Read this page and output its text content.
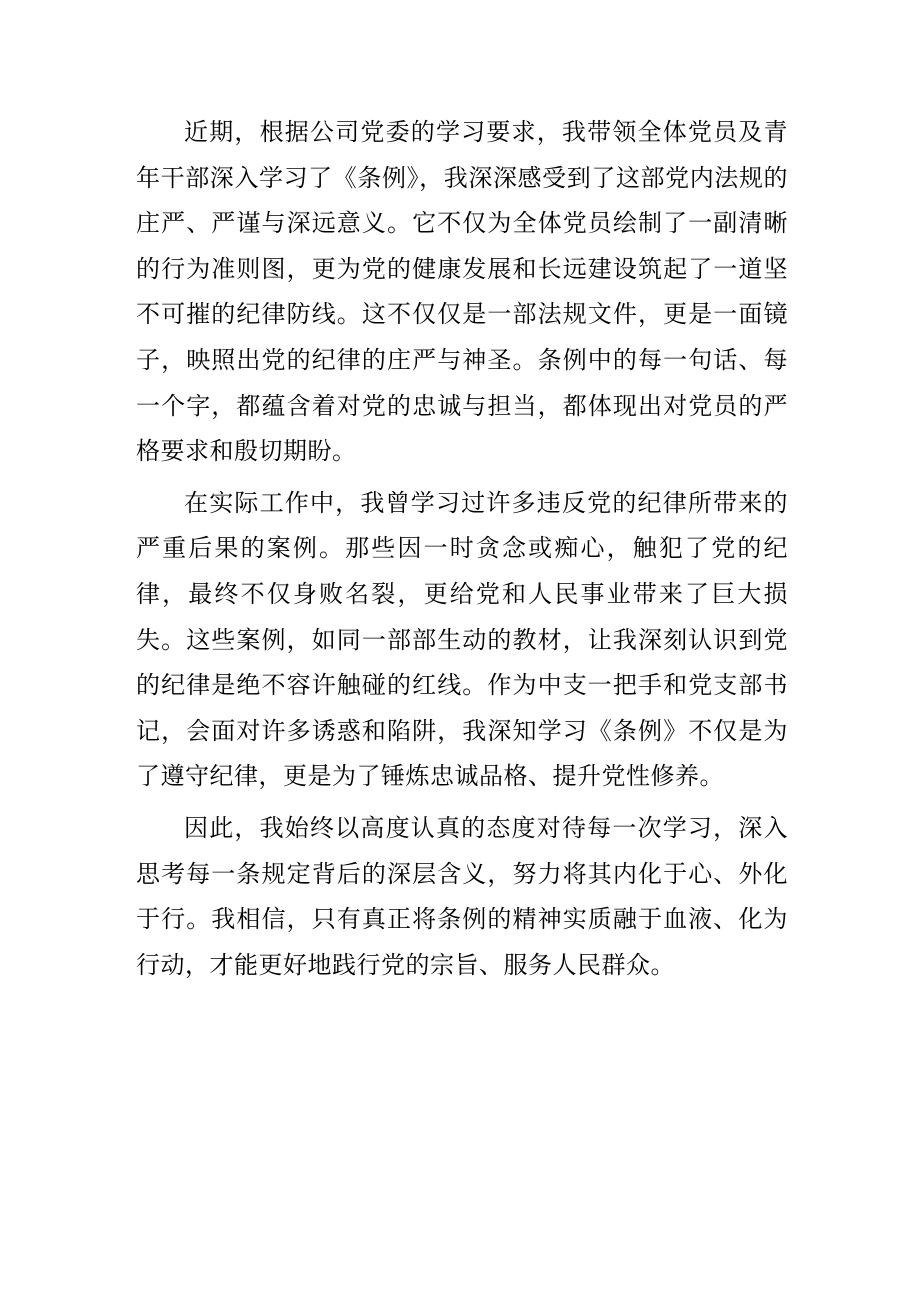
近期，根据公司党委的学习要求，我带领全体党员及青年干部深入学习了《条例》，我深深感受到了这部党内法规的庄严、严谨与深远意义。它不仅为全体党员绘制了一副清晰的行为准则图，更为党的健康发展和长远建设筑起了一道坚不可摧的纪律防线。这不仅仅是一部法规文件，更是一面镜子，映照出党的纪律的庄严与神圣。条例中的每一句话、每一个字，都蕴含着对党的忠诚与担当，都体现出对党员的严格要求和殷切期盼。

在实际工作中，我曾学习过许多违反党的纪律所带来的严重后果的案例。那些因一时贪念或痴心，触犯了党的纪律，最终不仅身败名裂，更给党和人民事业带来了巨大损失。这些案例，如同一部部生动的教材，让我深刻认识到党的纪律是绝不容许触碰的红线。作为中支一把手和党支部书记，会面对许多诱惑和陷阱，我深知学习《条例》不仅是为了遵守纪律，更是为了锤炼忠诚品格、提升党性修养。

因此，我始终以高度认真的态度对待每一次学习，深入思考每一条规定背后的深层含义，努力将其内化于心、外化于行。我相信，只有真正将条例的精神实质融于血液、化为行动，才能更好地践行党的宗旨、服务人民群众。
